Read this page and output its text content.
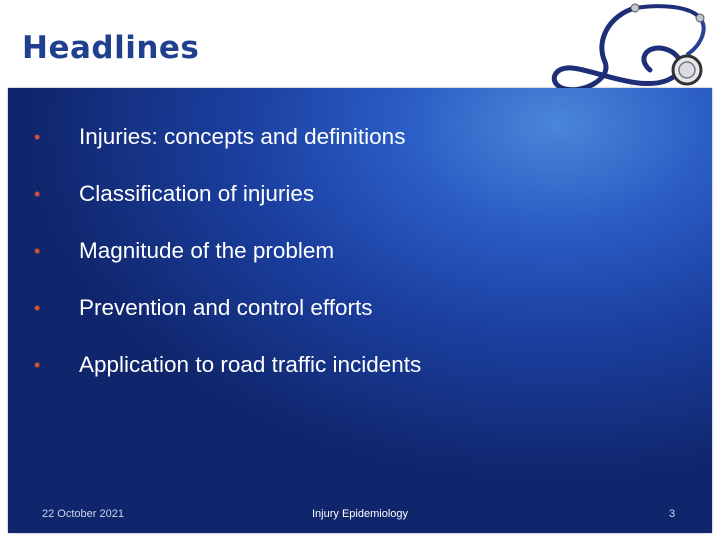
Headlines
• Injuries: concepts and definitions
• Classification of injuries
• Magnitude of the problem
• Prevention and control efforts
• Application to road traffic incidents
22 October 2021	Injury Epidemiology	3
